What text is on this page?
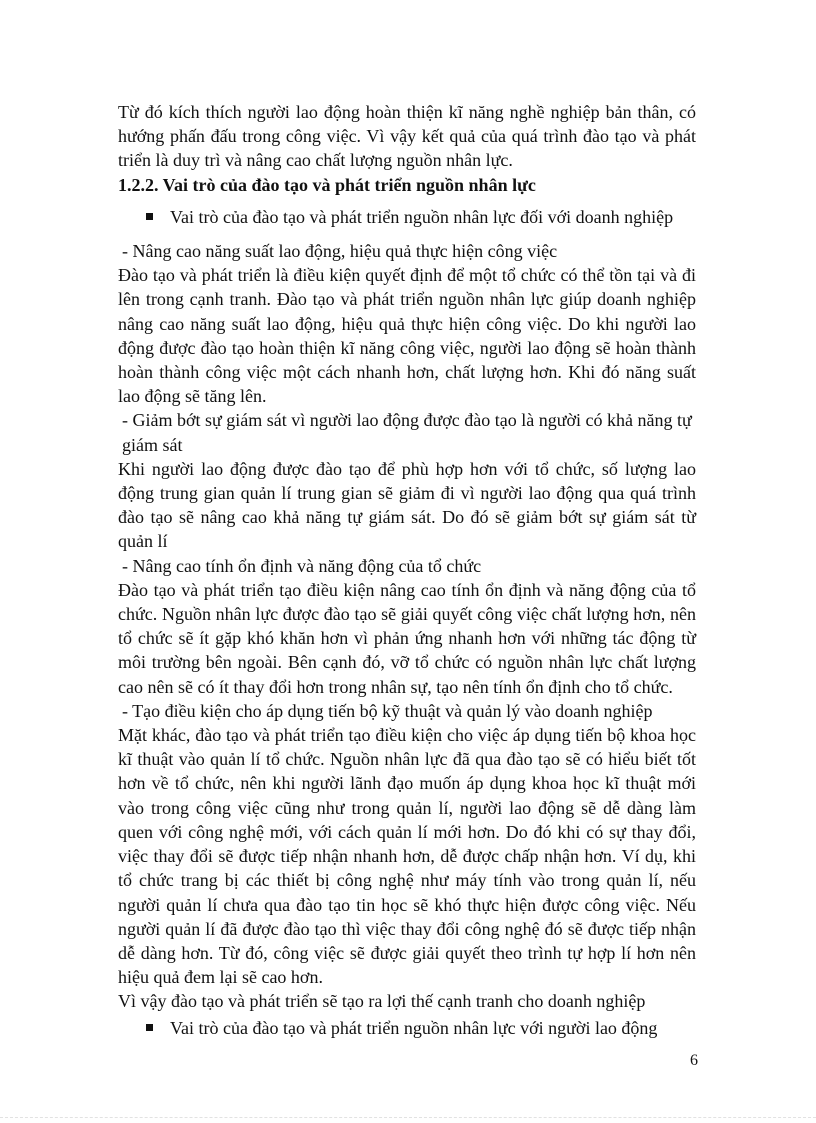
Từ đó kích thích người lao động hoàn thiện kĩ năng nghề nghiệp bản thân, có hướng phấn đấu trong công việc. Vì vậy kết quả của quá trình đào tạo và phát triển là duy trì và nâng cao chất lượng nguồn nhân lực.

1.2.2. Vai trò của đào tạo và phát triển nguồn nhân lực

Vai trò của đào tạo và phát triển nguồn nhân lực đối với doanh nghiệp

- Nâng cao năng suất lao động, hiệu quả thực hiện công việc

Đào tạo và phát triển là điều kiện quyết định để một tổ chức có thể tồn tại và đi lên trong cạnh tranh. Đào tạo và phát triển nguồn nhân lực giúp doanh nghiệp nâng cao năng suất lao động, hiệu quả thực hiện công việc. Do khi người lao động được đào tạo hoàn thiện kĩ năng công việc, người lao động sẽ hoàn thành hoàn thành công việc một cách nhanh hơn, chất lượng hơn. Khi đó năng suất lao động sẽ tăng lên.

- Giảm bớt sự giám sát vì người lao động được đào tạo là người có khả năng tự giám sát

Khi người lao động được đào tạo để phù hợp hơn với tổ chức, số lượng lao động trung gian quản lí trung gian sẽ giảm đi vì người lao động qua quá trình đào tạo sẽ nâng cao khả năng tự giám sát. Do đó sẽ giảm bớt sự giám sát từ quản lí

- Nâng cao tính ổn định và năng động của tổ chức

Đào tạo và phát triển tạo điều kiện nâng cao tính ổn định và năng động của tổ chức. Nguồn nhân lực được đào tạo sẽ giải quyết công việc chất lượng hơn, nên tổ chức sẽ ít gặp khó khăn hơn vì phản ứng nhanh hơn với những tác động từ môi trường bên ngoài. Bên cạnh đó, vỡ tổ chức có nguồn nhân lực chất lượng cao nên sẽ có ít thay đổi hơn trong nhân sự, tạo nên tính ổn định cho tổ chức.

- Tạo điều kiện cho áp dụng tiến bộ kỹ thuật và quản lý vào doanh nghiệp

Mặt khác, đào tạo và phát triển tạo điều kiện cho việc áp dụng tiến bộ khoa học kĩ thuật vào quản lí tổ chức. Nguồn nhân lực đã qua đào tạo sẽ có hiểu biết tốt hơn về tổ chức, nên khi người lãnh đạo muốn áp dụng khoa học kĩ thuật mới vào trong công việc cũng như trong quản lí, người lao động sẽ dễ dàng làm quen với công nghệ mới, với cách quản lí mới hơn. Do đó khi có sự thay đổi, việc thay đổi sẽ được tiếp nhận nhanh hơn, dễ được chấp nhận hơn. Ví dụ, khi tổ chức trang bị các thiết bị công nghệ như máy tính vào trong quản lí, nếu người quản lí chưa qua đào tạo tin học sẽ khó thực hiện được công việc. Nếu người quản lí đã được đào tạo thì việc thay đổi công nghệ đó sẽ được tiếp nhận dễ dàng hơn. Từ đó, công việc sẽ được giải quyết theo trình tự hợp lí hơn nên hiệu quả đem lại sẽ cao hơn.

Vì vậy đào tạo và phát triển sẽ tạo ra lợi thế cạnh tranh cho doanh nghiệp

Vai trò của đào tạo và phát triển nguồn nhân lực với người lao động
6
